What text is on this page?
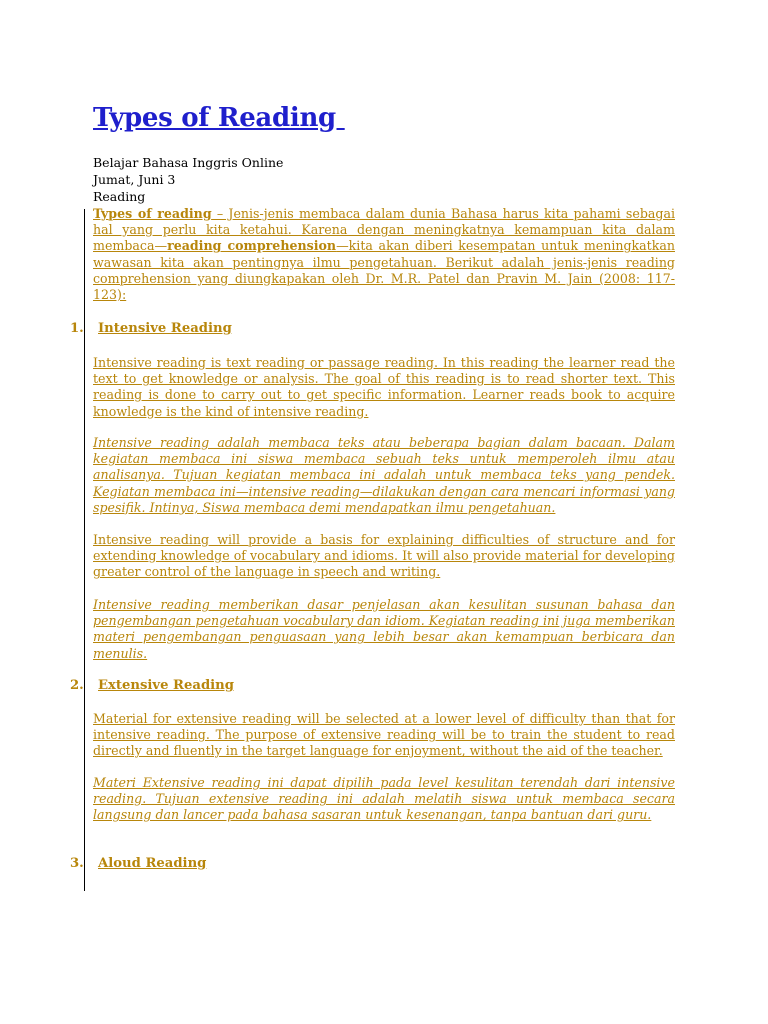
Types of Reading
Belajar Bahasa Inggris Online
Jumat, Juni 3
Reading

Types of reading – Jenis-jenis membaca dalam dunia Bahasa harus kita pahami sebagai hal yang perlu kita ketahui. Karena dengan meningkatnya kemampuan kita dalam membaca—reading comprehension—kita akan diberi kesempatan untuk meningkatkan wawasan kita akan pentingnya ilmu pengetahuan. Berikut adalah jenis-jenis reading comprehension yang diungkapakan oleh Dr. M.R. Patel dan Pravin M. Jain (2008: 117-123):

1. Intensive Reading

Intensive reading is text reading or passage reading. In this reading the learner read the text to get knowledge or analysis. The goal of this reading is to read shorter text. This reading is done to carry out to get specific information. Learner reads book to acquire knowledge is the kind of intensive reading.

Intensive reading adalah membaca teks atau beberapa bagian dalam bacaan. Dalam kegiatan membaca ini siswa membaca sebuah teks untuk memperoleh ilmu atau analisanya. Tujuan kegiatan membaca ini adalah untuk membaca teks yang pendek. Kegiatan membaca ini—intensive reading—dilakukan dengan cara mencari informasi yang spesifik. Intinya, Siswa membaca demi mendapatkan ilmu pengetahuan.

Intensive reading will provide a basis for explaining difficulties of structure and for extending knowledge of vocabulary and idioms. It will also provide material for developing greater control of the language in speech and writing.

Intensive reading memberikan dasar penjelasan akan kesulitan susunan bahasa dan pengembangan pengetahuan vocabulary dan idiom. Kegiatan reading ini juga memberikan materi pengembangan penguasaan yang lebih besar akan kemampuan berbicara dan menulis.

2. Extensive Reading

Material for extensive reading will be selected at a lower level of difficulty than that for intensive reading. The purpose of extensive reading will be to train the student to read directly and fluently in the target language for enjoyment, without the aid of the teacher.

Materi Extensive reading ini dapat dipilih pada level kesulitan terendah dari intensive reading. Tujuan extensive reading ini adalah melatih siswa untuk membaca secara langsung dan lancer pada bahasa sasaran untuk kesenangan, tanpa bantuan dari guru.

3. Aloud Reading
